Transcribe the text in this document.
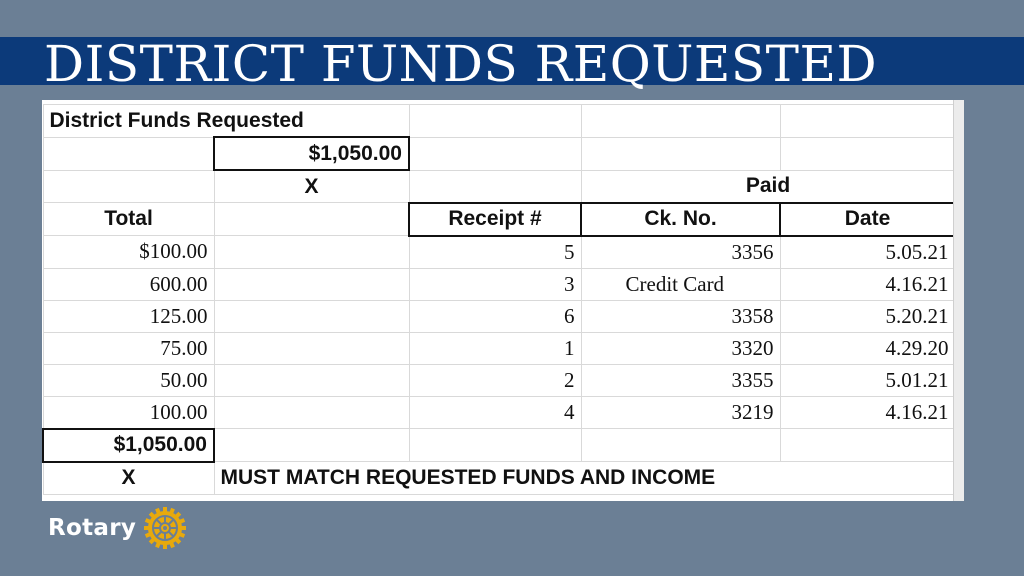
DISTRICT FUNDS REQUESTED
District Funds Requested				
	$1,050.00			
	X		Paid	
Total		Receipt #	Ck. No.	Date
$100.00		5	3356	5.05.21
600.00		3	Credit Card	4.16.21
125.00		6	3358	5.20.21
75.00		1	3320	4.29.20
50.00		2	3355	5.01.21
100.00		4	3219	4.16.21
$1,050.00				
X	MUST MATCH REQUESTED FUNDS AND INCOME			
Rotary
